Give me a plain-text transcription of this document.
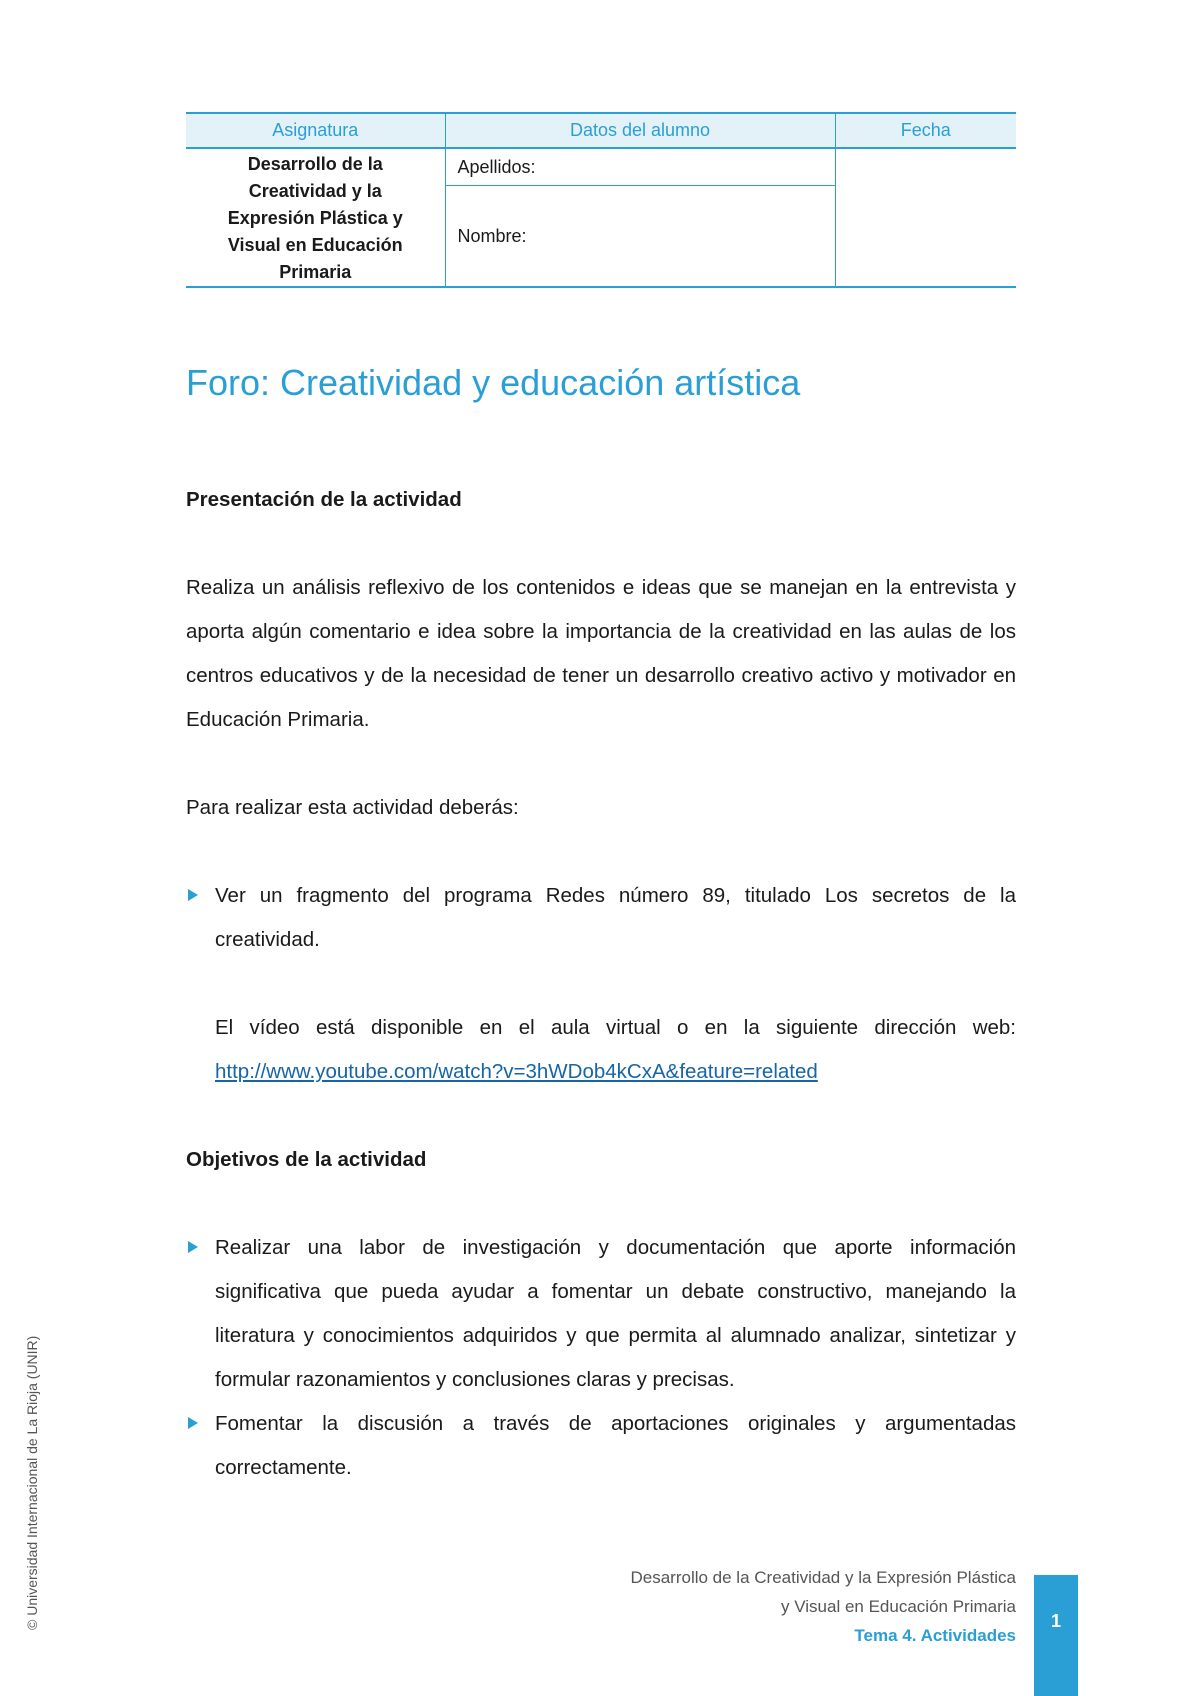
Asignatura	Datos del alumno	Fecha

Desarrollo de la
Creatividad y la
Expresión Plástica y
Visual en Educación
Primaria	Apellidos:	
	Nombre:	
Foro: Creatividad y educación artística

Presentación de la actividad

Realiza un análisis reflexivo de los contenidos e ideas que se manejan en la entrevista y aporta algún comentario e idea sobre la importancia de la creatividad en las aulas de los centros educativos y de la necesidad de tener un desarrollo creativo activo y motivador en Educación Primaria.

Para realizar esta actividad deberás:

Ver un fragmento del programa Redes número 89, titulado Los secretos de la creatividad.

El vídeo está disponible en el aula virtual o en la siguiente dirección web: http://www.youtube.com/watch?v=3hWDob4kCxA&feature=related

Objetivos de la actividad

Realizar una labor de investigación y documentación que aporte información significativa que pueda ayudar a fomentar un debate constructivo, manejando la literatura y conocimientos adquiridos y que permita al alumnado analizar, sintetizar y formular razonamientos y conclusiones claras y precisas.
Fomentar la discusión a través de aportaciones originales y argumentadas correctamente.
© Universidad Internacional de La Rioja (UNIR)	Desarrollo de la Creatividad y la Expresión Plástica
y Visual en Educación Primaria
Tema 4. Actividades
1
